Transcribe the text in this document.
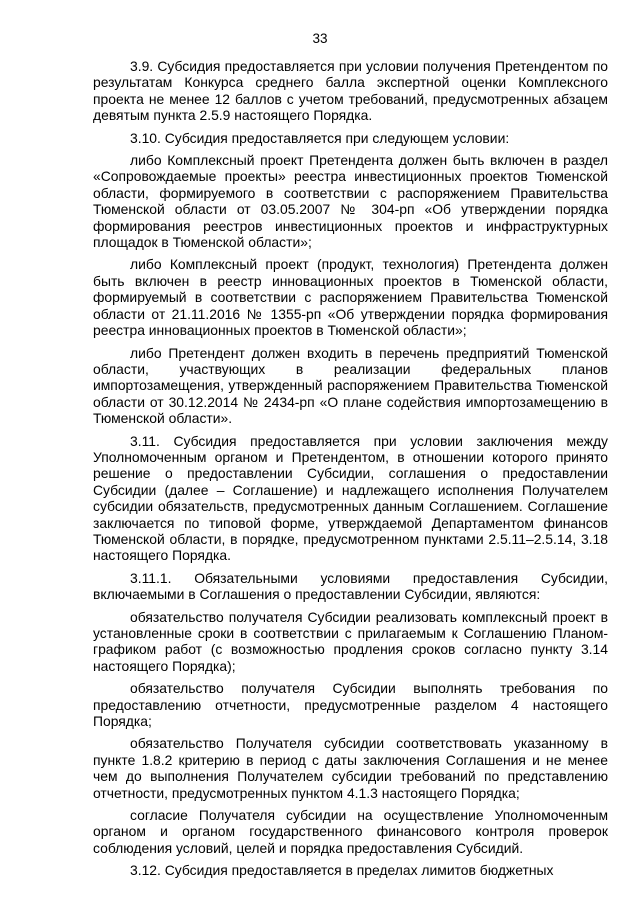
33

3.9. Субсидия предоставляется при условии получения Претендентом по результатам Конкурса среднего балла экспертной оценки Комплексного проекта не менее 12 баллов с учетом требований, предусмотренных абзацем девятым пункта 2.5.9 настоящего Порядка.

3.10. Субсидия предоставляется при следующем условии:

либо Комплексный проект Претендента должен быть включен в раздел «Сопровождаемые проекты» реестра инвестиционных проектов Тюменской области, формируемого в соответствии с распоряжением Правительства Тюменской области от 03.05.2007 № 304-рп «Об утверждении порядка формирования реестров инвестиционных проектов и инфраструктурных площадок в Тюменской области»;

либо Комплексный проект (продукт, технология) Претендента должен быть включен в реестр инновационных проектов в Тюменской области, формируемый в соответствии с распоряжением Правительства Тюменской области от 21.11.2016 № 1355-рп «Об утверждении порядка формирования реестра инновационных проектов в Тюменской области»;

либо Претендент должен входить в перечень предприятий Тюменской области, участвующих в реализации федеральных планов импортозамещения, утвержденный распоряжением Правительства Тюменской области от 30.12.2014 № 2434-рп «О плане содействия импортозамещению в Тюменской области».

3.11. Субсидия предоставляется при условии заключения между Уполномоченным органом и Претендентом, в отношении которого принято решение о предоставлении Субсидии, соглашения о предоставлении Субсидии (далее – Соглашение) и надлежащего исполнения Получателем субсидии обязательств, предусмотренных данным Соглашением. Соглашение заключается по типовой форме, утверждаемой Департаментом финансов Тюменской области, в порядке, предусмотренном пунктами 2.5.11–2.5.14, 3.18 настоящего Порядка.

3.11.1. Обязательными условиями предоставления Субсидии, включаемыми в Соглашения о предоставлении Субсидии, являются:

обязательство получателя Субсидии реализовать комплексный проект в установленные сроки в соответствии с прилагаемым к Соглашению Планом-графиком работ (с возможностью продления сроков согласно пункту 3.14 настоящего Порядка);

обязательство получателя Субсидии выполнять требования по предоставлению отчетности, предусмотренные разделом 4 настоящего Порядка;

обязательство Получателя субсидии соответствовать указанному в пункте 1.8.2 критерию в период с даты заключения Соглашения и не менее чем до выполнения Получателем субсидии требований по представлению отчетности, предусмотренных пунктом 4.1.3 настоящего Порядка;

согласие Получателя субсидии на осуществление Уполномоченным органом и органом государственного финансового контроля проверок соблюдения условий, целей и порядка предоставления Субсидий.

3.12. Субсидия предоставляется в пределах лимитов бюджетных
